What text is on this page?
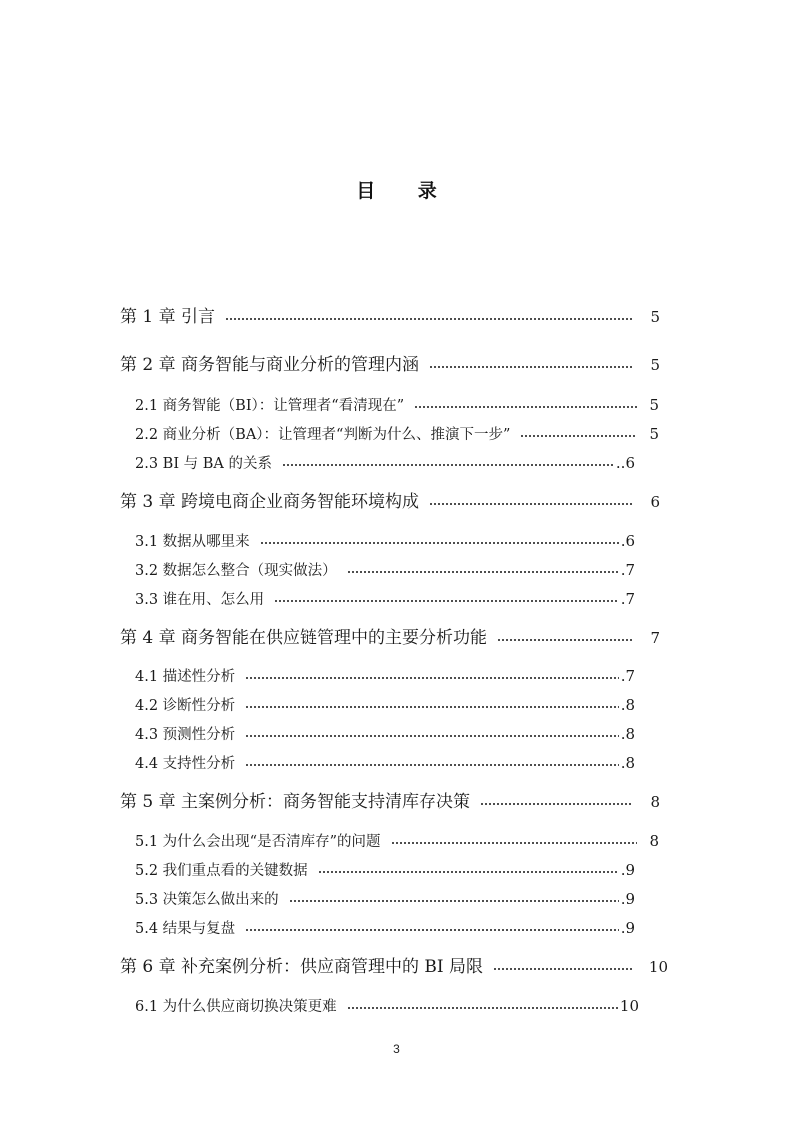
目 录
第 1 章 引言	5
第 2 章 商务智能与商业分析的管理内涵	5
2.1 商务智能（BI）：让管理者“看清现在”	5
2.2 商业分析（BA）：让管理者“判断为什么、推演下一步”	5
2.3 BI 与 BA 的关系	..6
第 3 章 跨境电商企业商务智能环境构成	6
3.1 数据从哪里来	.6
3.2 数据怎么整合（现实做法）	.7
3.3 谁在用、怎么用	.7
第 4 章 商务智能在供应链管理中的主要分析功能	7
4.1 描述性分析	.7
4.2 诊断性分析	.8
4.3 预测性分析	.8
4.4 支持性分析	.8
第 5 章 主案例分析：商务智能支持清库存决策	8
5.1 为什么会出现“是否清库存”的问题	8
5.2 我们重点看的关键数据	.9
5.3 决策怎么做出来的	.9
5.4 结果与复盘	.9
第 6 章 补充案例分析：供应商管理中的 BI 局限	10
6.1 为什么供应商切换决策更难	10
3
